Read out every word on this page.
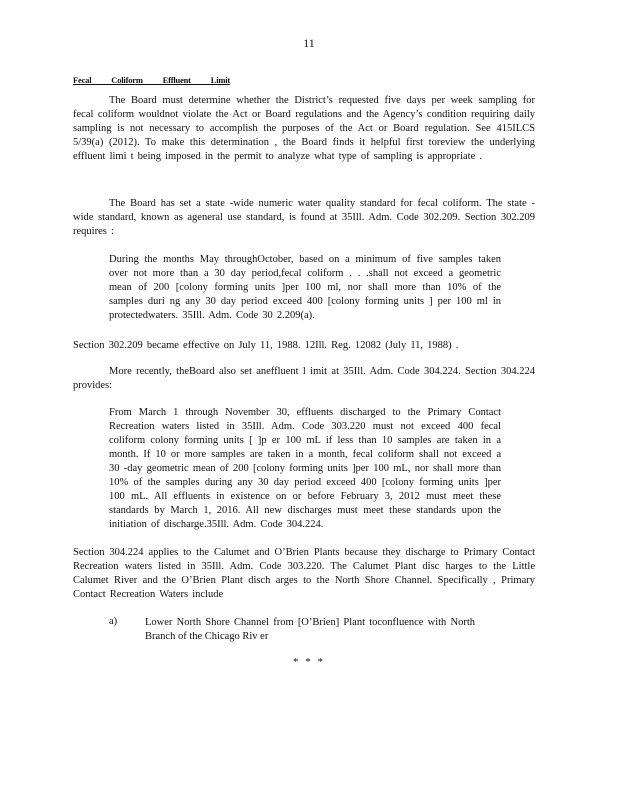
11
Fecal Coliform Effluent Limit

The Board must determine whether the District’s requested five days per week sampling for fecal coliform wouldnot violate the Act or Board regulations and the Agency’s condition requiring daily sampling is not necessary to accomplish the purposes of the Act or Board regulation. See 415ILCS 5/39(a) (2012). To make this determination , the Board finds it helpful first toreview the underlying effluent limi t being imposed in the permit to analyze what type of sampling is appropriate .

The Board has set a state -wide numeric water quality standard for fecal coliform. The state -wide standard, known as ageneral use standard, is found at 35Ill. Adm. Code 302.209. Section 302.209 requires :

During the months May throughOctober, based on a minimum of five samples taken over not more than a 30 day period,fecal coliform . . .shall not exceed a geometric mean of 200 [colony forming units ]per 100 ml, nor shall more than 10% of the samples duri ng any 30 day period exceed 400 [colony forming units ] per 100 ml in protectedwaters. 35Ill. Adm. Code 30 2.209(a).

Section 302.209 became effective on July 11, 1988. 12Ill. Reg. 12082 (July 11, 1988) .

More recently, theBoard also set aneffluent l imit at 35Ill. Adm. Code 304.224. Section 304.224 provides:

From March 1 through November 30, effluents discharged to the Primary Contact Recreation waters listed in 35Ill. Adm. Code 303.220 must not exceed 400 fecal coliform colony forming units [ ]p er 100 mL if less than 10 samples are taken in a month. If 10 or more samples are taken in a month, fecal coliform shall not exceed a 30 -day geometric mean of 200 [colony forming units ]per 100 mL, nor shall more than 10% of the samples during any 30 day period exceed 400 [colony forming units ]per 100 mL. All effluents in existence on or before February 3, 2012 must meet these standards by March 1, 2016. All new discharges must meet these standards upon the initiation of discharge.35Ill. Adm. Code 304.224.

Section 304.224 applies to the Calumet and O’Brien Plants because they discharge to Primary Contact Recreation waters listed in 35Ill. Adm. Code 303.220. The Calumet Plant disc harges to the Little Calumet River and the O’Brien Plant disch arges to the North Shore Channel. Specifically , Primary Contact Recreation Waters include

a)	Lower North Shore Channel from [O’Brien] Plant toconfluence with North Branch of the Chicago Riv er
* * *
